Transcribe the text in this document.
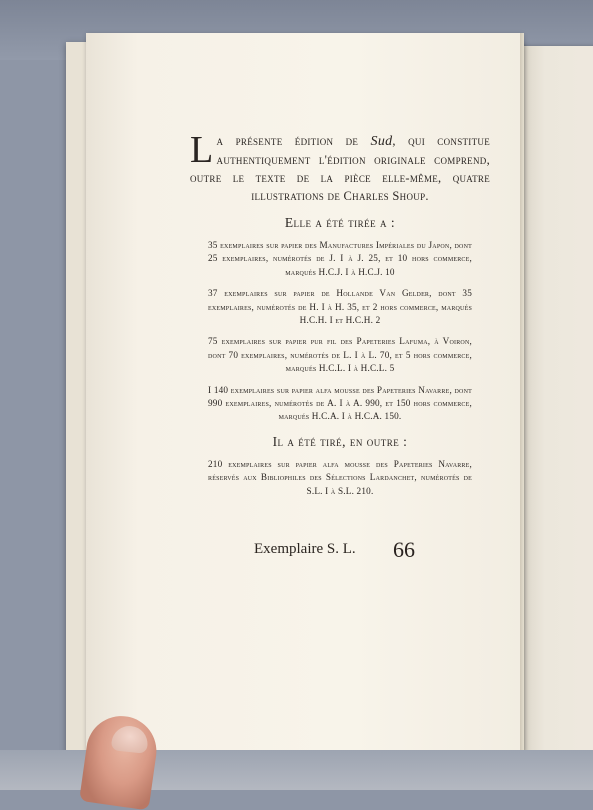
L a présente édition de Sud, qui constitue authentiquement l'édition originale comprend, outre le texte de la pièce elle-même, quatre illustrations de Charles Shoup.
Elle a été tirée a :
35 exemplaires sur papier des Manufactures Impériales du Japon, dont 25 exemplaires, numérotés de J. I à J. 25, et 10 hors commerce, marqués H.C.J. I à H.C.J. 10
37 exemplaires sur papier de Hollande Van Gelder, dont 35 exemplaires, numérotés de H. I à H. 35, et 2 hors commerce, marqués H.C.H. I et H.C.H. 2
75 exemplaires sur papier pur fil des Papeteries Lafuma, à Voiron, dont 70 exemplaires, numérotés de L. I à L. 70, et 5 hors commerce, marqués H.C.L. I à H.C.L. 5
I 140 exemplaires sur papier alfa mousse des Papeteries Navarre, dont 990 exemplaires, numérotés de A. I à A. 990, et 150 hors commerce, marqués H.C.A. I à H.C.A. 150.
Il a été tiré, en outre :
210 exemplaires sur papier alfa mousse des Papeteries Navarre, réservés aux Bibliophiles des Sélections Lardanchet, numérotés de S.L. I à S.L. 210.
Exemplaire S. L. 66
